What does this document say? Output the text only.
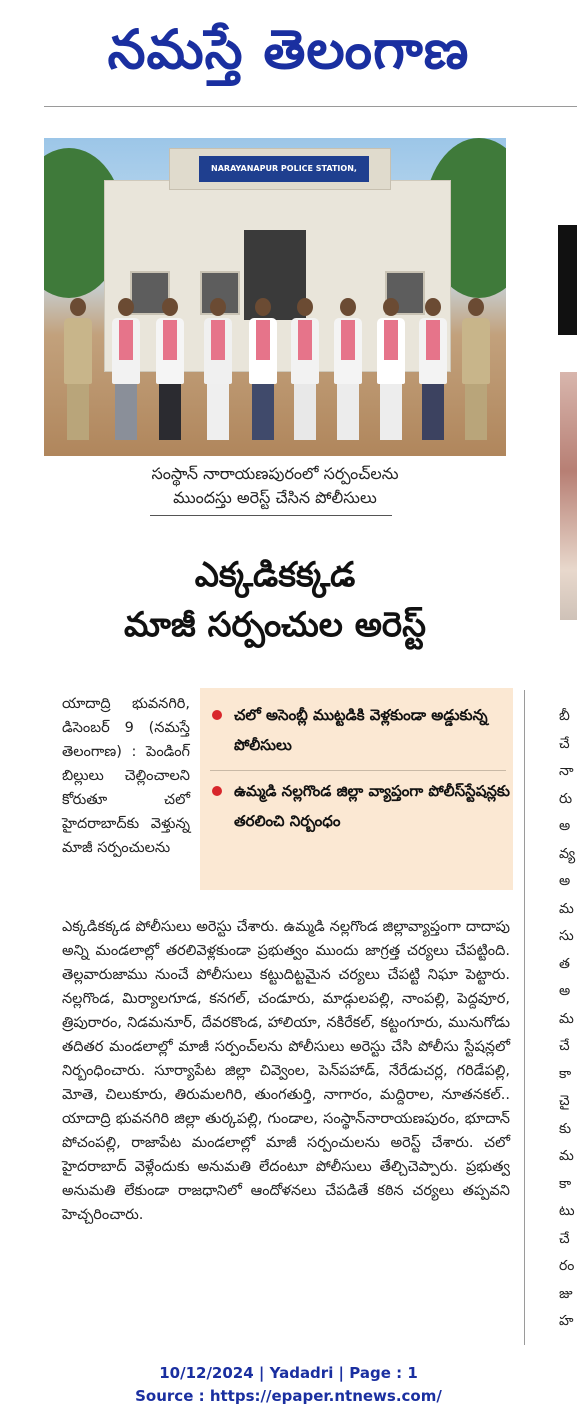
నమస్తే తెలంగాణ
NARAYANAPUR POLICE STATION,
సంస్థాన్ నారాయణపురంలో సర్పంచ్‌లను
ముందస్తు అరెస్ట్ చేసిన పోలీసులు
ఎక్కడికక్కడ
మాజీ సర్పంచుల అరెస్ట్
చలో అసెంబ్లీ ముట్టడికి వెళ్లకుండా అడ్డుకున్న పోలీసులు
ఉమ్మడి నల్లగొండ జిల్లా వ్యాప్తంగా పోలీస్‌స్టేషన్లకు తరలించి నిర్బంధం
యాదాద్రి భువనగిరి, డిసెంబర్ 9 (నమస్తే తెలంగాణ) : పెండింగ్ బిల్లులు చెల్లించాలని కోరుతూ చలో హైదరాబాద్‌కు వెళ్తున్న మాజీ సర్పంచులను
ఎక్కడికక్కడ పోలీసులు అరెస్టు చేశారు. ఉమ్మడి నల్లగొండ జిల్లావ్యాప్తంగా దాదాపు అన్ని మండలాల్లో తరలివెళ్లకుండా ప్రభుత్వం ముందు జాగ్రత్త చర్యలు చేపట్టింది. తెల్లవారుజాము నుంచే పోలీసులు కట్టుదిట్టమైన చర్యలు చేపట్టి నిఘా పెట్టారు. నల్లగొండ, మిర్యాలగూడ, కనగల్, చండూరు, మాడ్గులపల్లి, నాంపల్లి, పెద్దవూర, త్రిపురారం, నిడమనూర్, దేవరకొండ, హాలియా, నకిరేకల్, కట్టంగూరు, మునుగోడు తదితర మండలాల్లో మాజీ సర్పంచ్‌లను పోలీసులు అరెస్టు చేసి పోలీసు స్టేషన్లలో నిర్బంధించారు. సూర్యాపేట జిల్లా చివ్వెంల, పెన్‌పహాడ్, నేరేడుచర్ల, గరిడేపల్లి, మోతె, చిలుకూరు, తిరుమలగిరి, తుంగతుర్తి, నాగారం, మద్దిరాల, నూతనకల్.. యాదాద్రి భువనగిరి జిల్లా తుర్కపల్లి, గుండాల, సంస్థాన్‌నారాయణపురం, భూదాన్ పోచంపల్లి, రాజాపేట మండలాల్లో మాజీ సర్పంచులను అరెస్ట్ చేశారు. చలో హైదరాబాద్ వెళ్లేందుకు అనుమతి లేదంటూ పోలీసులు తేల్చిచెప్పారు. ప్రభుత్వ అనుమతి లేకుండా రాజధానిలో ఆందోళనలు చేపడితే కఠిన చర్యలు తప్పవని హెచ్చరించారు.
బీ
చే
నా
రు
అ
వ్య
అ
మ
సు
త
అ
మ
చే
కా
చై
కు
మ
కా
టు
చే
రం
జు
హ
10/12/2024 | Yadadri | Page : 1
Source : https://epaper.ntnews.com/
